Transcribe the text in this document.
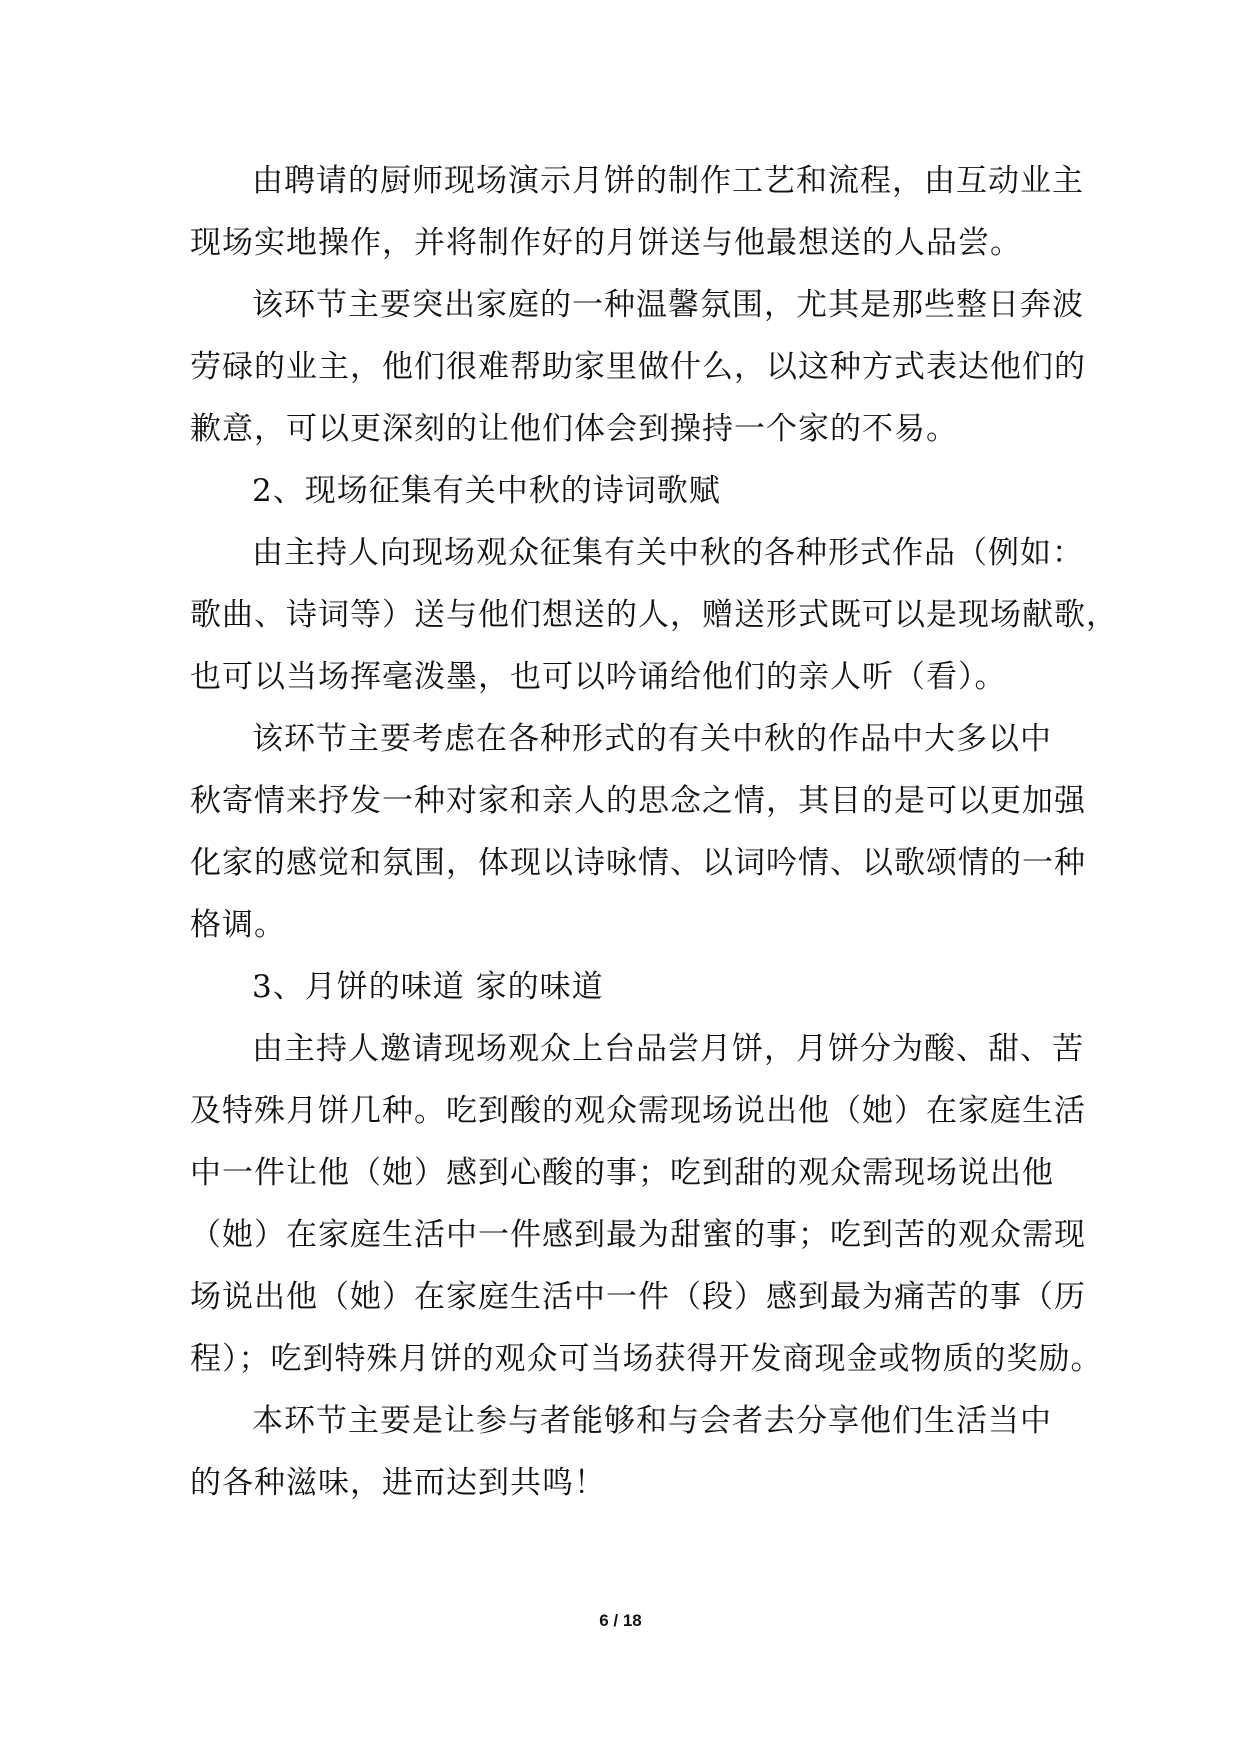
由聘请的厨师现场演示月饼的制作工艺和流程，由互动业主
现场实地操作，并将制作好的月饼送与他最想送的人品尝。
该环节主要突出家庭的一种温馨氛围，尤其是那些整日奔波
劳碌的业主，他们很难帮助家里做什么，以这种方式表达他们的
歉意，可以更深刻的让他们体会到操持一个家的不易。
2、现场征集有关中秋的诗词歌赋
由主持人向现场观众征集有关中秋的各种形式作品（例如：
歌曲、诗词等）送与他们想送的人，赠送形式既可以是现场献歌，
也可以当场挥毫泼墨，也可以吟诵给他们的亲人听（看）。
该环节主要考虑在各种形式的有关中秋的作品中大多以中
秋寄情来抒发一种对家和亲人的思念之情，其目的是可以更加强
化家的感觉和氛围，体现以诗咏情、以词吟情、以歌颂情的一种
格调。
3、月饼的味道 家的味道
由主持人邀请现场观众上台品尝月饼，月饼分为酸、甜、苦
及特殊月饼几种。吃到酸的观众需现场说出他（她）在家庭生活
中一件让他（她）感到心酸的事；吃到甜的观众需现场说出他
（她）在家庭生活中一件感到最为甜蜜的事；吃到苦的观众需现
场说出他（她）在家庭生活中一件（段）感到最为痛苦的事（历
程）；吃到特殊月饼的观众可当场获得开发商现金或物质的奖励。
本环节主要是让参与者能够和与会者去分享他们生活当中
的各种滋味，进而达到共鸣！
6 / 18
